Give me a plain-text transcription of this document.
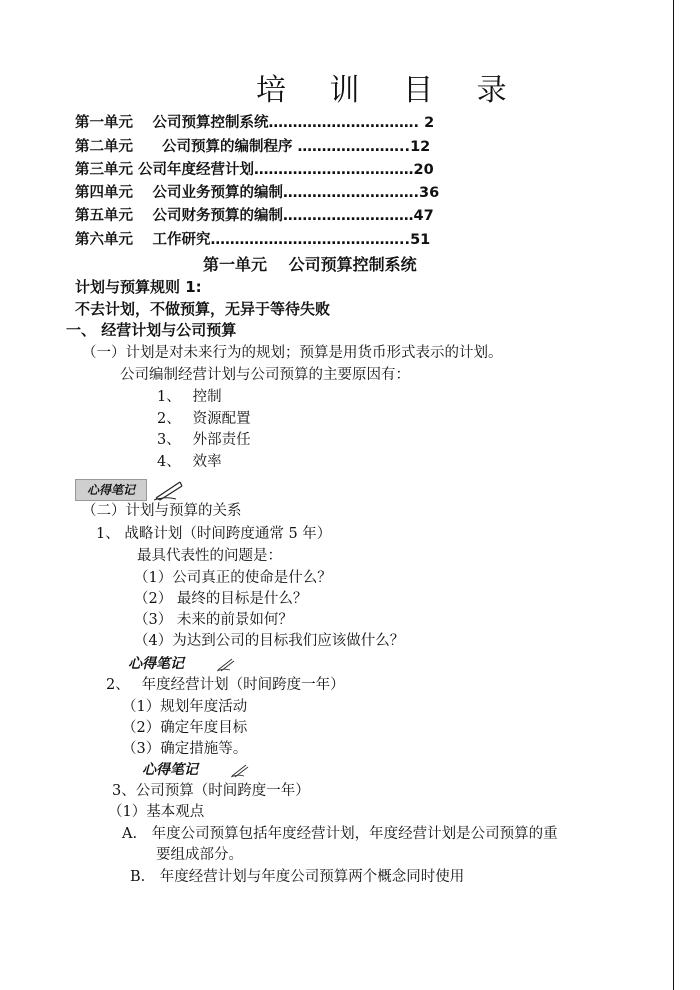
培 训 目 录
第一单元　 公司预算控制系统…………………………. 2
第二单元　　公司预算的编制程序 …………………..12
第三单元 公司年度经营计划……………………………20
第四单元　 公司业务预算的编制……………………….36
第五单元　 公司财务预算的编制………………………47
第六单元　 工作研究…………………………………..51
第一单元　 公司预算控制系统
计划与预算规则 1:
不去计划，不做预算，无异于等待失败
一、 经营计划与公司预算
（一）计划是对未来行为的规划；预算是用货币形式表示的计划。
公司编制经营计划与公司预算的主要原因有：
1、　 控制
2、　 资源配置
3、　 外部责任
4、　 效率
心得笔记
（二）计划与预算的关系
1、 战略计划（时间跨度通常 5 年）
最具代表性的问题是：
（1）公司真正的使命是什么？
（2） 最终的目标是什么？
（3） 未来的前景如何？
（4）为达到公司的目标我们应该做什么？
心得笔记
2、　 年度经营计划（时间跨度一年）
（1）规划年度活动
（2）确定年度目标
（3）确定措施等。
心得笔记
3、公司预算（时间跨度一年）
（1）基本观点
A.　年度公司预算包括年度经营计划，年度经营计划是公司预算的重
要组成部分。
B.　年度经营计划与年度公司预算两个概念同时使用
